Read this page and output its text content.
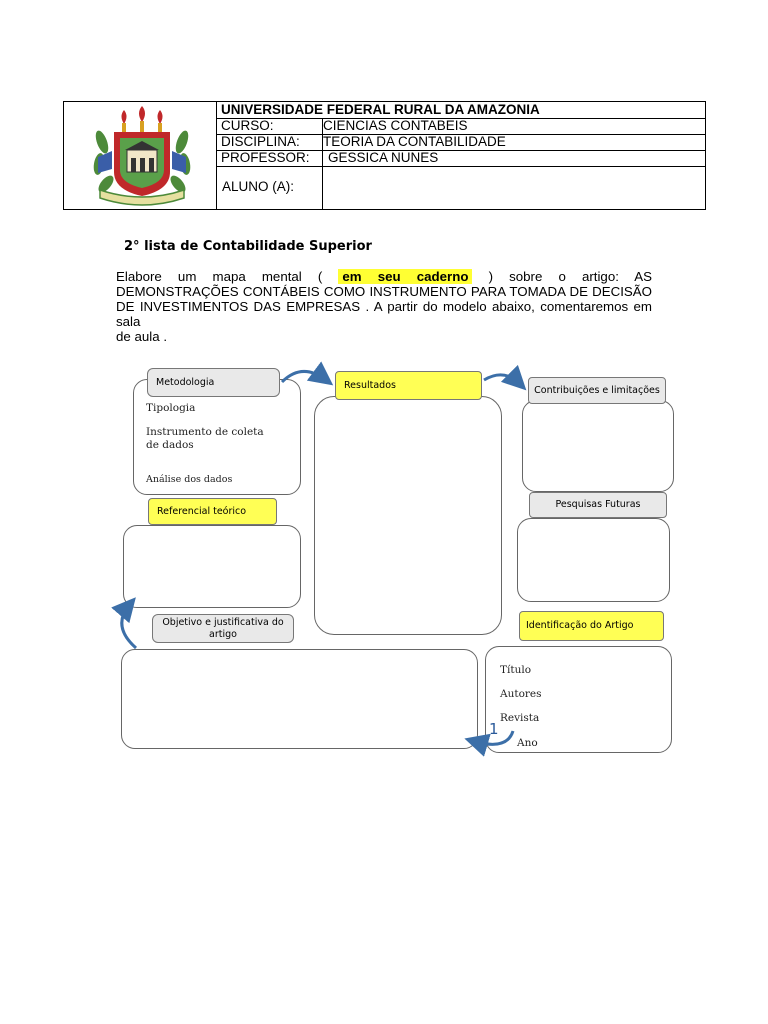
UNIVERSIDADE FEDERAL RURAL DA AMAZONIA
CURSO:	CIENCIAS CONTABEIS
DISCIPLINA: TEORIA DA CONTABILIDADE
PROFESSOR: GESSICA NUNES
ALUNO (A):
2° lista de Contabilidade Superior
Elabore um mapa mental ( em seu caderno ) sobre o artigo: AS
DEMONSTRAÇÕES CONTÁBEIS COMO INSTRUMENTO PARA TOMADA DE DECISÃO
DE INVESTIMENTOS DAS EMPRESAS . A partir do modelo abaixo, comentaremos em sala
de aula .
Metodologia
Tipologia
Instrumento de coleta de dados
Análise dos dados
Resultados	Contribuições e limitações
Referencial teórico
Pesquisas Futuras
Objetivo e justificativa do artigo
Identificação do Artigo
Título
Autores
Revista
Ano
1
